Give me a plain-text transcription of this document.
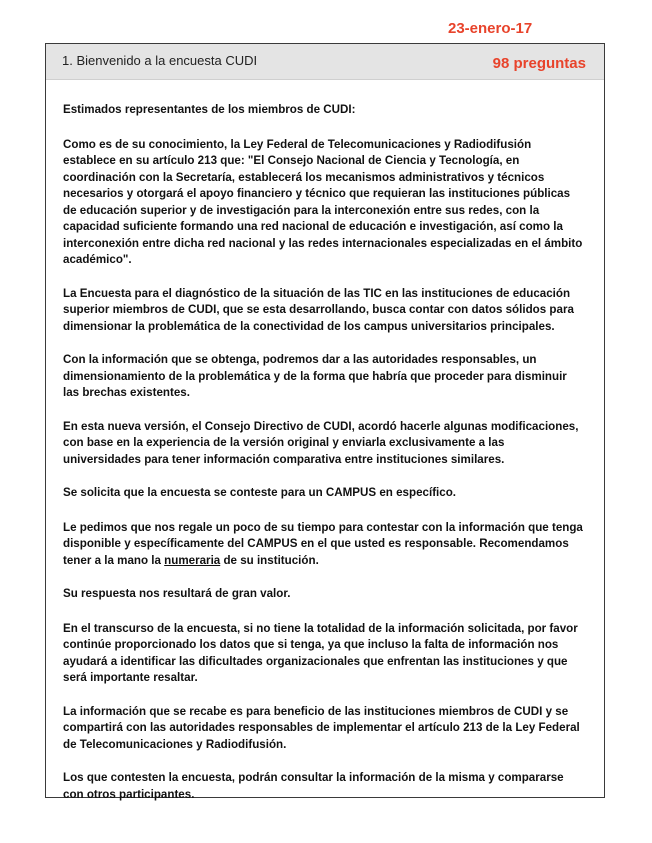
23-enero-17
1. Bienvenido a la encuesta CUDI	98 preguntas

Estimados representantes de los miembros de CUDI:

Como es de su conocimiento, la Ley Federal de Telecomunicaciones y Radiodifusión establece en su artículo 213 que: "El Consejo Nacional de Ciencia y Tecnología, en coordinación con la Secretaría, establecerá los mecanismos administrativos y técnicos necesarios y otorgará el apoyo financiero y técnico que requieran las instituciones públicas de educación superior y de investigación para la interconexión entre sus redes, con la capacidad suficiente formando una red nacional de educación e investigación, así como la interconexión entre dicha red nacional y las redes internacionales especializadas en el ámbito académico".

La Encuesta para el diagnóstico de la situación de las TIC en las instituciones de educación superior miembros de CUDI, que se esta desarrollando, busca contar con datos sólidos para dimensionar la problemática de la conectividad de los campus universitarios principales.

Con la información que se obtenga, podremos dar a las autoridades responsables, un dimensionamiento de la problemática y de la forma que habría que proceder para disminuir las brechas existentes.

En esta nueva versión, el Consejo Directivo de CUDI, acordó hacerle algunas modificaciones, con base en la experiencia de la versión original y enviarla exclusivamente a las universidades para tener información comparativa entre instituciones similares.

Se solicita que la encuesta se conteste para un CAMPUS en específico.

Le pedimos que nos regale un poco de su tiempo para contestar con la información que tenga disponible y específicamente del CAMPUS en el que usted es responsable. Recomendamos tener a la mano la numeraria de su institución.

Su respuesta nos resultará de gran valor.

En el transcurso de la encuesta, si no tiene la totalidad de la información solicitada, por favor continúe proporcionado los datos que si tenga, ya que incluso la falta de información nos ayudará a identificar las dificultades organizacionales que enfrentan las instituciones y que será importante resaltar.

La información que se recabe es para beneficio de las instituciones miembros de CUDI y se compartirá con las autoridades responsables de implementar el artículo 213 de la Ley Federal de Telecomunicaciones y Radiodifusión.

Los que contesten la encuesta, podrán consultar la información de la misma y compararse con otros participantes.
